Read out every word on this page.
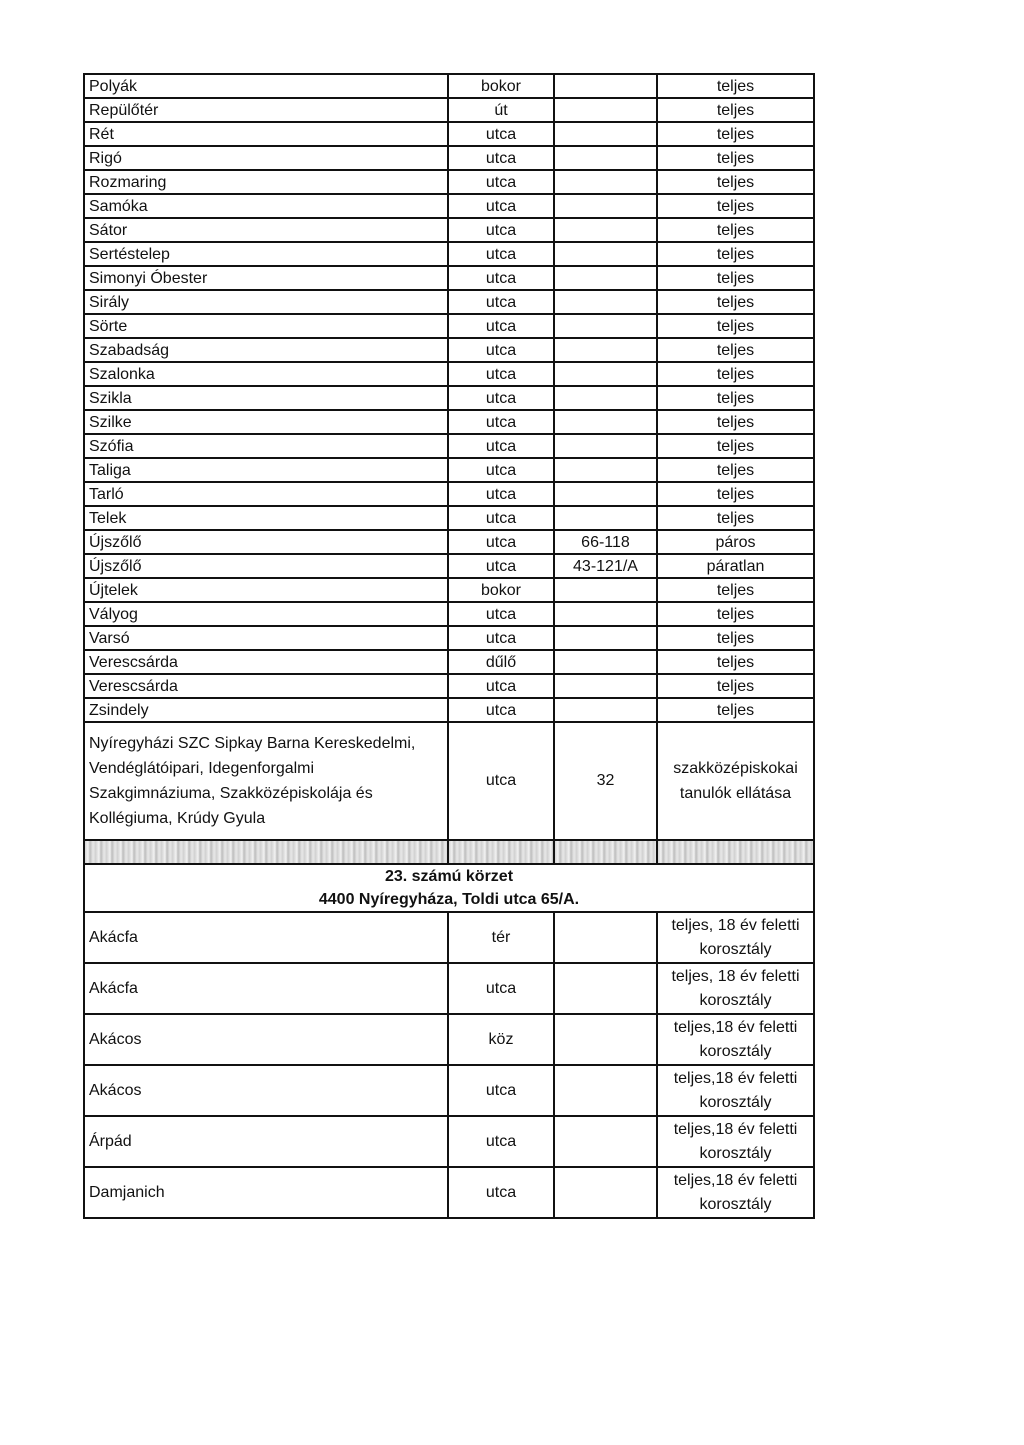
Polyák	bokor		teljes
Repülőtér	út		teljes
Rét	utca		teljes
Rigó	utca		teljes
Rozmaring	utca		teljes
Samóka	utca		teljes
Sátor	utca		teljes
Sertéstelep	utca		teljes
Simonyi Óbester	utca		teljes
Sirály	utca		teljes
Sörte	utca		teljes
Szabadság	utca		teljes
Szalonka	utca		teljes
Szikla	utca		teljes
Szilke	utca		teljes
Szófia	utca		teljes
Taliga	utca		teljes
Tarló	utca		teljes
Telek	utca		teljes
Újszőlő	utca	66-118	páros
Újszőlő	utca	43-121/A	páratlan
Újtelek	bokor		teljes
Vályog	utca		teljes
Varsó	utca		teljes
Verescsárda	dűlő		teljes
Verescsárda	utca		teljes
Zsindely	utca		teljes
Nyíregyházi SZC Sipkay Barna Kereskedelmi, Vendéglátóipari, Idegenforgalmi Szakgimnáziuma, Szakközépiskolája és Kollégiuma, Krúdy Gyula	utca	32	szakközépiskokai tanulók ellátása

23. számú körzet
4400 Nyíregyháza, Toldi utca 65/A.			

Akácfa	tér		teljes, 18 év feletti korosztály
Akácfa	utca		teljes, 18 év feletti korosztály
Akácos	köz		teljes,18 év feletti korosztály
Akácos	utca		teljes,18 év feletti korosztály
Árpád	utca		teljes,18 év feletti korosztály
Damjanich	utca		teljes,18 év feletti korosztály
